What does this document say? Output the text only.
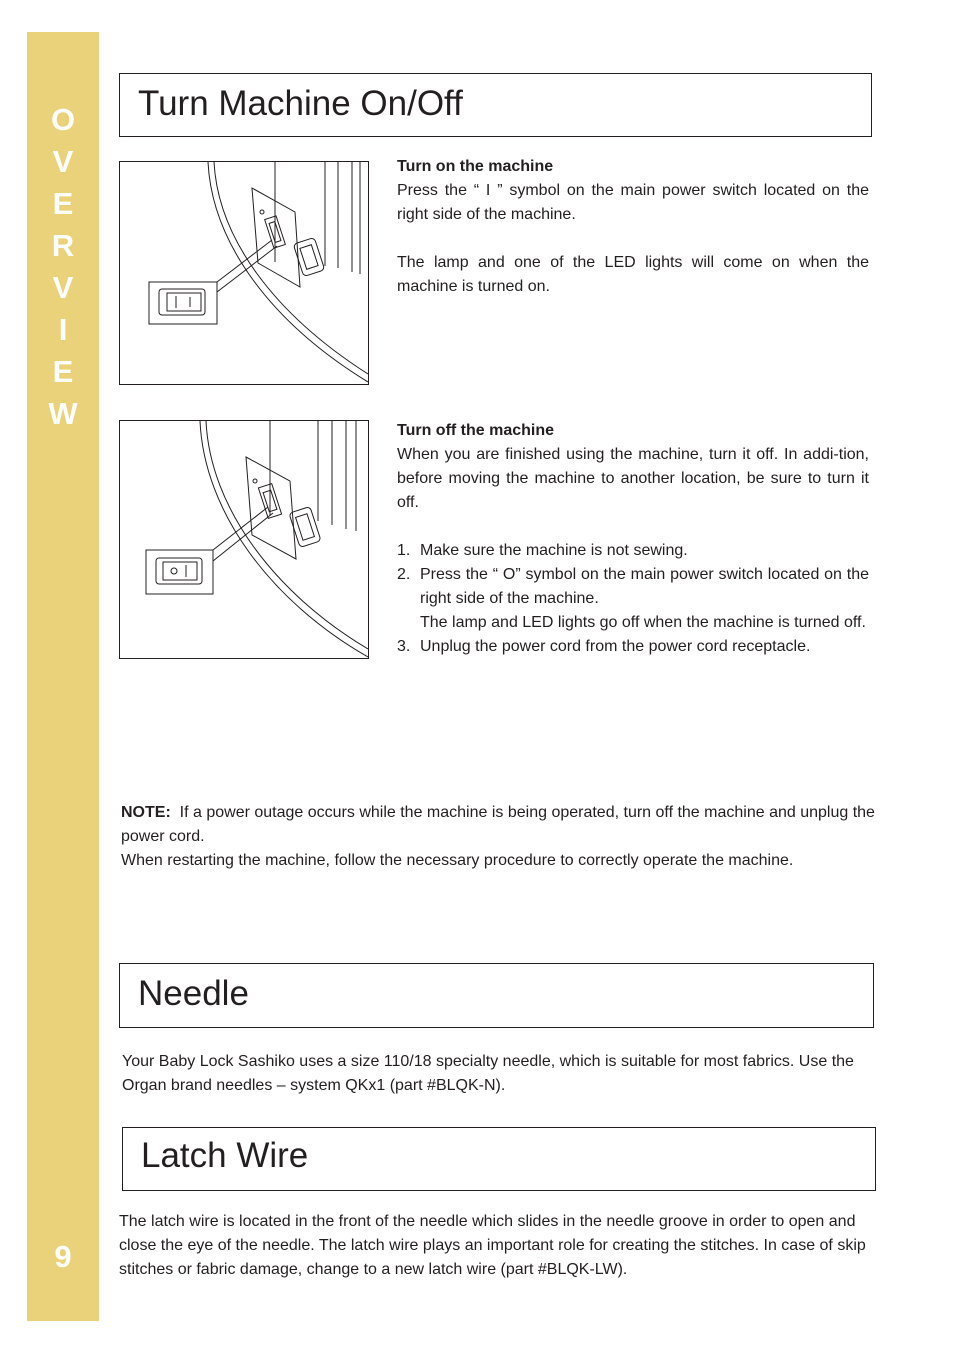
O
V
E
R
V
I
E
W
9
Turn Machine On/Off

Turn on the machine

Press the “ I ” symbol on the main power switch located on the right side of the machine.

The lamp and one of the LED lights will come on when the machine is turned on.

Turn off the machine

When you are finished using the machine, turn it off. In addi-tion, before moving the machine to another location, be sure to turn it off.

1. Make sure the machine is not sewing.
2. Press the “ O” symbol on the main power switch located on the right side of the machine.
The lamp and LED lights go off when the machine is turned off.
3. Unplug the power cord from the power cord receptacle.

NOTE: If a power outage occurs while the machine is being operated, turn off the machine and unplug the power cord.

When restarting the machine, follow the necessary procedure to correctly operate the machine.

Needle
Your Baby Lock Sashiko uses a size 110/18 specialty needle, which is suitable for most fabrics. Use the Organ brand needles – system QKx1 (part #BLQK-N).
Latch Wire
The latch wire is located in the front of the needle which slides in the needle groove in order to open and close the eye of the needle. The latch wire plays an important role for creating the stitches. In case of skip stitches or fabric damage, change to a new latch wire (part #BLQK-LW).
